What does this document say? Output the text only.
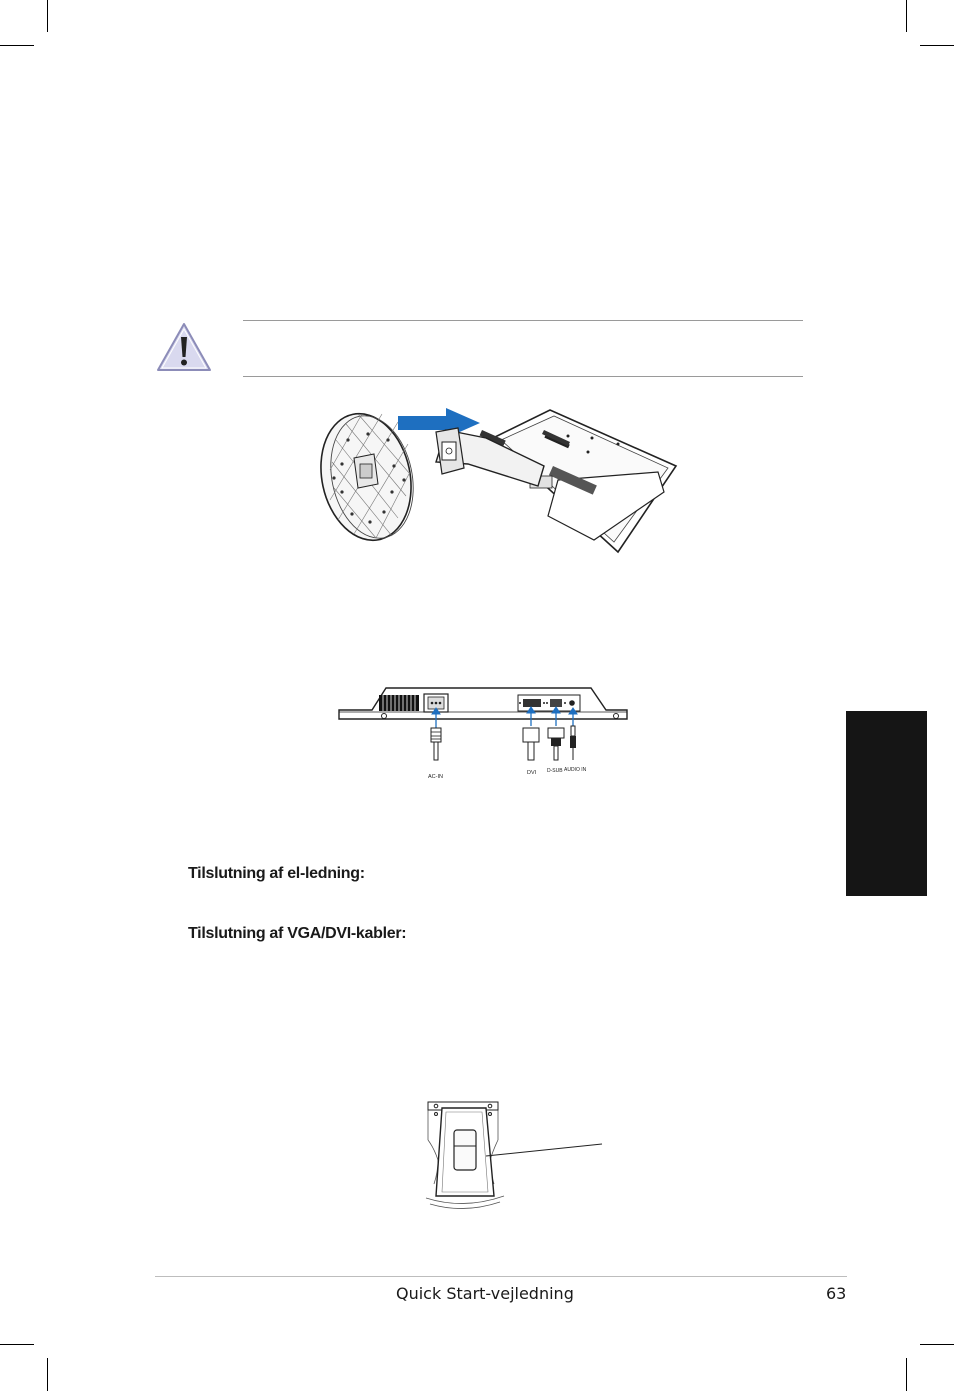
AC-IN
DVI D-SUB AUDIO IN
Tilslutning af el-ledning:
Tilslutning af VGA/DVI-kabler:
Quick Start-vejledning	63
